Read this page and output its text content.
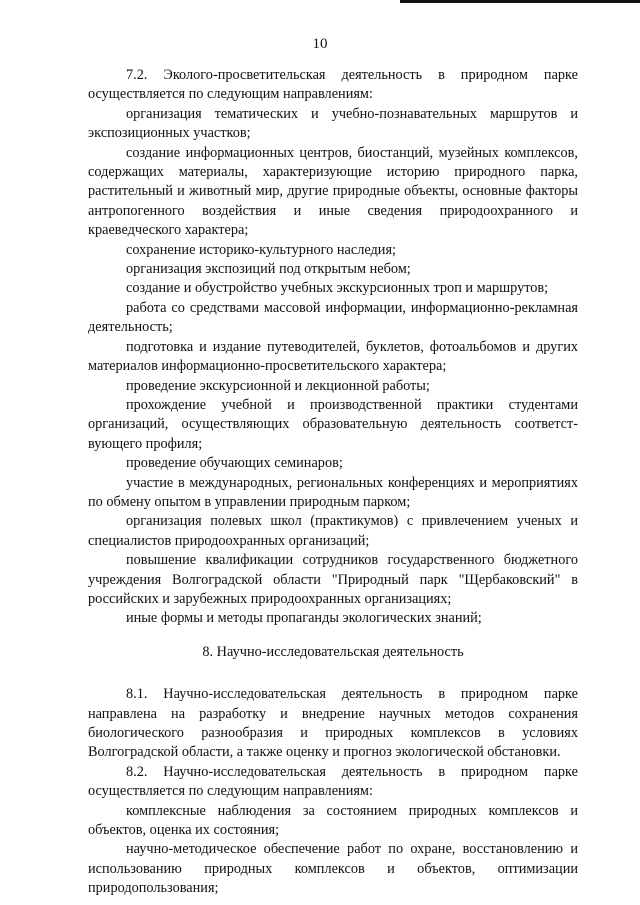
10

7.2. Эколого-просветительская деятельность в природном парке осуществляется по следующим направлениям:

организация тематических и учебно-познавательных маршрутов и экспозиционных участков;

создание информационных центров, биостанций, музейных комплексов, содержащих материалы, характеризующие историю природного парка, растительный и животный мир, другие природные объекты, основные факторы антропогенного воздействия и иные сведения природоохранного и краеведческого характера;

сохранение историко-культурного наследия;

организация экспозиций под открытым небом;

создание и обустройство учебных экскурсионных троп и маршрутов;

работа со средствами массовой информации, информационно-рекламная деятельность;

подготовка и издание путеводителей, буклетов, фотоальбомов и других материалов информационно-просветительского характера;

проведение экскурсионной и лекционной работы;

прохождение учебной и производственной практики студентами организаций, осуществляющих образовательную деятельность соответст-вующего профиля;

проведение обучающих семинаров;

участие в международных, региональных конференциях и мероприятиях по обмену опытом в управлении природным парком;

организация полевых школ (практикумов) с привлечением ученых и специалистов природоохранных организаций;

повышение квалификации сотрудников государственного бюджетного учреждения Волгоградской области "Природный парк "Щербаковский" в российских и зарубежных природоохранных организациях;

иные формы и методы пропаганды экологических знаний;

8. Научно-исследовательская деятельность

8.1. Научно-исследовательская деятельность в природном парке направлена на разработку и внедрение научных методов сохранения биологического разнообразия и природных комплексов в условиях Волгоградской области, а также оценку и прогноз экологической обстановки.

8.2. Научно-исследовательская деятельность в природном парке осуществляется по следующим направлениям:

комплексные наблюдения за состоянием природных комплексов и объектов, оценка их состояния;

научно-методическое обеспечение работ по охране, восстановлению и использованию природных комплексов и объектов, оптимизации природопользования;
